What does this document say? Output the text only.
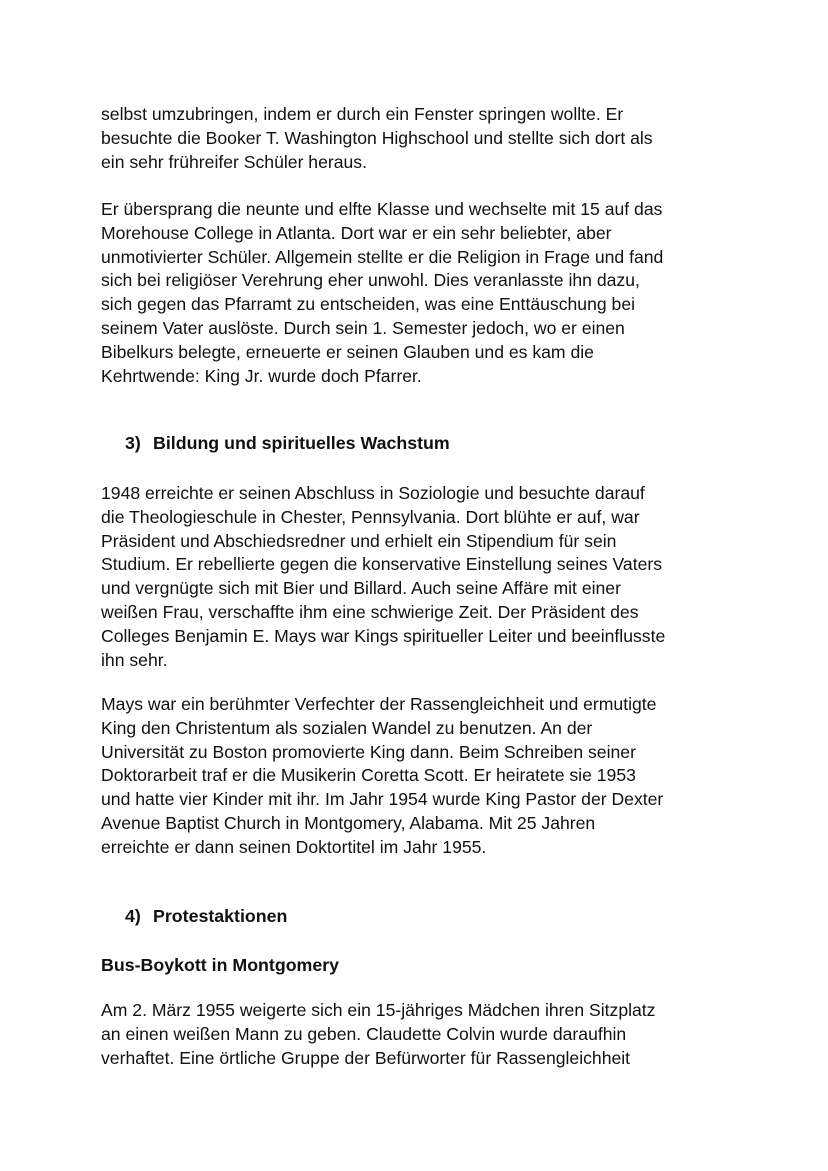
selbst umzubringen, indem er durch ein Fenster springen wollte. Er
besuchte die Booker T. Washington Highschool und stellte sich dort als
ein sehr frühreifer Schüler heraus.

Er übersprang die neunte und elfte Klasse und wechselte mit 15 auf das
Morehouse College in Atlanta. Dort war er ein sehr beliebter, aber
unmotivierter Schüler. Allgemein stellte er die Religion in Frage und fand
sich bei religiöser Verehrung eher unwohl. Dies veranlasste ihn dazu,
sich gegen das Pfarramt zu entscheiden, was eine Enttäuschung bei
seinem Vater auslöste. Durch sein 1. Semester jedoch, wo er einen
Bibelkurs belegte, erneuerte er seinen Glauben und es kam die
Kehrtwende: King Jr. wurde doch Pfarrer.

3) Bildung und spirituelles Wachstum

1948 erreichte er seinen Abschluss in Soziologie und besuchte darauf
die Theologieschule in Chester, Pennsylvania. Dort blühte er auf, war
Präsident und Abschiedsredner und erhielt ein Stipendium für sein
Studium. Er rebellierte gegen die konservative Einstellung seines Vaters
und vergnügte sich mit Bier und Billard. Auch seine Affäre mit einer
weißen Frau, verschaffte ihm eine schwierige Zeit. Der Präsident des
Colleges Benjamin E. Mays war Kings spiritueller Leiter und beeinflusste
ihn sehr.

Mays war ein berühmter Verfechter der Rassengleichheit und ermutigte
King den Christentum als sozialen Wandel zu benutzen. An der
Universität zu Boston promovierte King dann. Beim Schreiben seiner
Doktorarbeit traf er die Musikerin Coretta Scott. Er heiratete sie 1953
und hatte vier Kinder mit ihr. Im Jahr 1954 wurde King Pastor der Dexter
Avenue Baptist Church in Montgomery, Alabama. Mit 25 Jahren
erreichte er dann seinen Doktortitel im Jahr 1955.

4) Protestaktionen
Bus-Boykott in Montgomery

Am 2. März 1955 weigerte sich ein 15-jähriges Mädchen ihren Sitzplatz
an einen weißen Mann zu geben. Claudette Colvin wurde daraufhin
verhaftet. Eine örtliche Gruppe der Befürworter für Rassengleichheit
